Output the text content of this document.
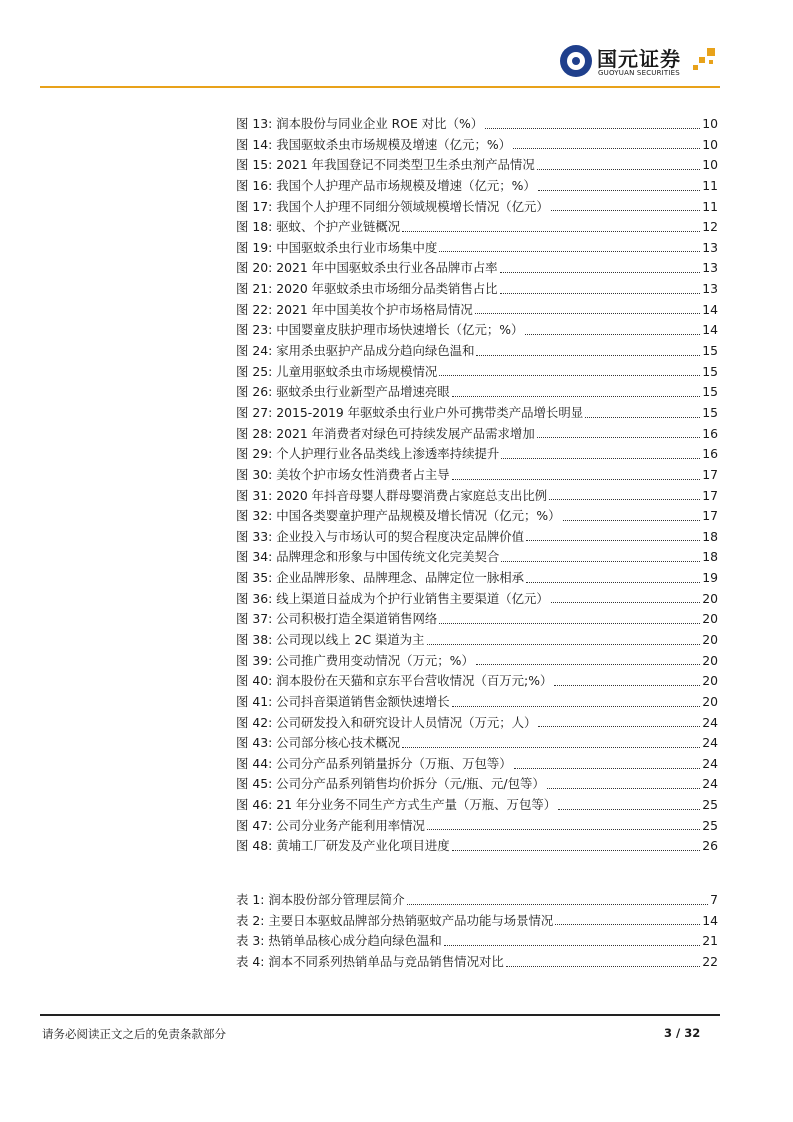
国元证券
GUOYUAN SECURITIES
图 13: 润本股份与同业企业 ROE 对比（%）	10
图 14: 我国驱蚊杀虫市场规模及增速（亿元；%）	10
图 15: 2021 年我国登记不同类型卫生杀虫剂产品情况	10
图 16: 我国个人护理产品市场规模及增速（亿元；%）	11
图 17: 我国个人护理不同细分领域规模增长情况（亿元）	11
图 18: 驱蚊、个护产业链概况	12
图 19: 中国驱蚊杀虫行业市场集中度	13
图 20: 2021 年中国驱蚊杀虫行业各品牌市占率	13
图 21: 2020 年驱蚊杀虫市场细分品类销售占比	13
图 22: 2021 年中国美妆个护市场格局情况	14
图 23: 中国婴童皮肤护理市场快速增长（亿元；%）	14
图 24: 家用杀虫驱护产品成分趋向绿色温和	15
图 25: 儿童用驱蚊杀虫市场规模情况	15
图 26: 驱蚊杀虫行业新型产品增速亮眼	15
图 27: 2015-2019 年驱蚊杀虫行业户外可携带类产品增长明显	15
图 28: 2021 年消费者对绿色可持续发展产品需求增加	16
图 29: 个人护理行业各品类线上渗透率持续提升	16
图 30: 美妆个护市场女性消费者占主导	17
图 31: 2020 年抖音母婴人群母婴消费占家庭总支出比例	17
图 32: 中国各类婴童护理产品规模及增长情况（亿元；%）	17
图 33: 企业投入与市场认可的契合程度决定品牌价值	18
图 34: 品牌理念和形象与中国传统文化完美契合	18
图 35: 企业品牌形象、品牌理念、品牌定位一脉相承	19
图 36: 线上渠道日益成为个护行业销售主要渠道（亿元）	20
图 37: 公司积极打造全渠道销售网络	20
图 38: 公司现以线上 2C 渠道为主	20
图 39: 公司推广费用变动情况（万元；%）	20
图 40: 润本股份在天猫和京东平台营收情况（百万元;%）	20
图 41: 公司抖音渠道销售金额快速增长	20
图 42: 公司研发投入和研究设计人员情况（万元；人）	24
图 43: 公司部分核心技术概况	24
图 44: 公司分产品系列销量拆分（万瓶、万包等）	24
图 45: 公司分产品系列销售均价拆分（元/瓶、元/包等）	24
图 46: 21 年分业务不同生产方式生产量（万瓶、万包等）	25
图 47: 公司分业务产能利用率情况	25
图 48: 黄埔工厂研发及产业化项目进度	26
表 1: 润本股份部分管理层简介	7
表 2: 主要日本驱蚊品牌部分热销驱蚊产品功能与场景情况	14
表 3: 热销单品核心成分趋向绿色温和	21
表 4: 润本不同系列热销单品与竞品销售情况对比	22
请务必阅读正文之后的免责条款部分	3 / 32
